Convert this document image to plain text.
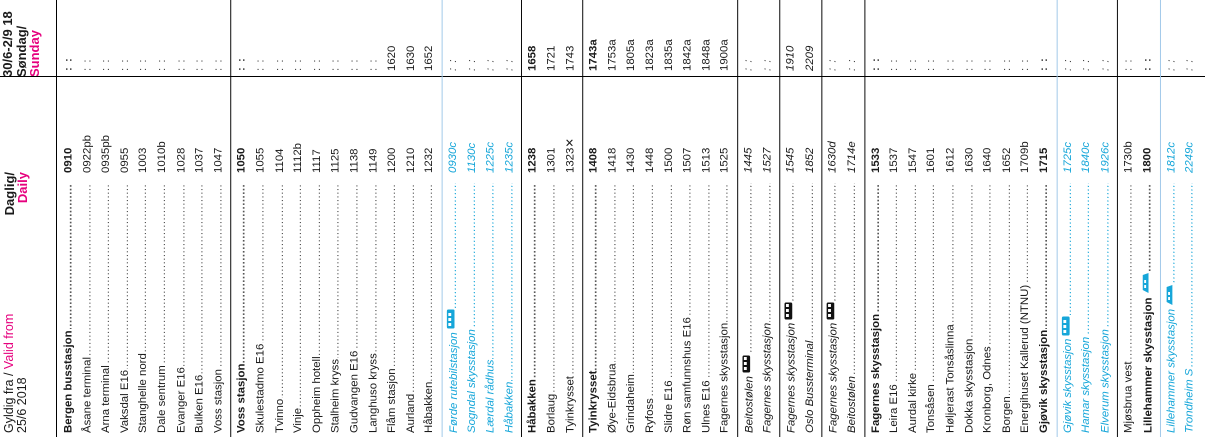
Gyldig fra / Valid from
25/6 2018
Daglig/
Daily
30/6-2/9 18
Søndag/
Sunday
Bergen busstasjon .....
0910
: :
Åsane terminal .....
0922pb
: :
Arna terminal .....
0935pb
: :
Vaksdal E16 .....
0955
: :
Stanghelle nord .....
1003
: :
Dale sentrum .....
1010b
: :
Evanger E16 .....
1028
: :
Bulken E16 .....
1037
: :
Voss stasjon .....
1047
: :
Voss stasjon .....
1050
: :
Skulestadmo E16 .....
1055
: :
Tvinno .....
1104
: :
Vinje .....
1112b
: :
Oppheim hotell .....
1117
: :
Stalheim kryss .....
1125
: :
Gudvangen E16 .....
1138
: :
Langhuso kryss .....
1149
: :
Flåm stasjon .....
1200
1620
Aurland .....
1210
1630
Håbakken .....
1232
1652
Førde rutebilstasjon .....
0930c
: :
Sogndal skysstasjon .....
1130c
: :
Lærdal rådhus .....
1225c
: :
Håbakken .....
1235c
: :
Håbakken .....
1238
1658
Borlaug .....
1301
1721
Tyinkrysset .....
1323✕
1743
Tyinkrysset .....
1408
1743a
Øye-Eidsbrua .....
1418
1753a
Grindaheim .....
1430
1805a
Ryfoss .....
1448
1823a
Slidre E16 .....
1500
1835a
Røn samfunnshus E16 .....
1507
1842a
Ulnes E16 .....
1513
1848a
Fagernes skysstasjon .....
1525
1900a
Beitostølen .....
1445
: :
Fagernes skysstasjon .....
1527
: :
Fagernes skysstasjon .....
1545
1910
Oslo Bussterminal .....
1852
2209
Fagernes skysstasjon .....
1630d
: :
Beitostølen .....
1714e
: :
Fagernes skysstasjon .....
1533
: :
Leira E16 .....
1537
: :
Aurdal kirke .....
1547
: :
Tonsåsen .....
1601
: :
Høljerast Tonsåslinna .....
1612
: :
Dokka skysstasjon .....
1630
: :
Kronborg, Odnes .....
1640
: :
Borgen .....
1652
: :
Energihuset Kallerud (NTNU) .....
1709b
: :
Gjøvik skysstasjon .....
1715
: :
Gjøvik skysstasjon .....
1725c
: :
Hamar skysstasjon .....
1840c
: :
Elverum skysstasjon .....
1926c
: :
Mjøsbrua vest .....
1730b
: :
Lillehammer skysstasjon .....
1800
: :
Lillehammer skysstasjon .....
1812c
: :
Trondheim S .....
2249c
: :
